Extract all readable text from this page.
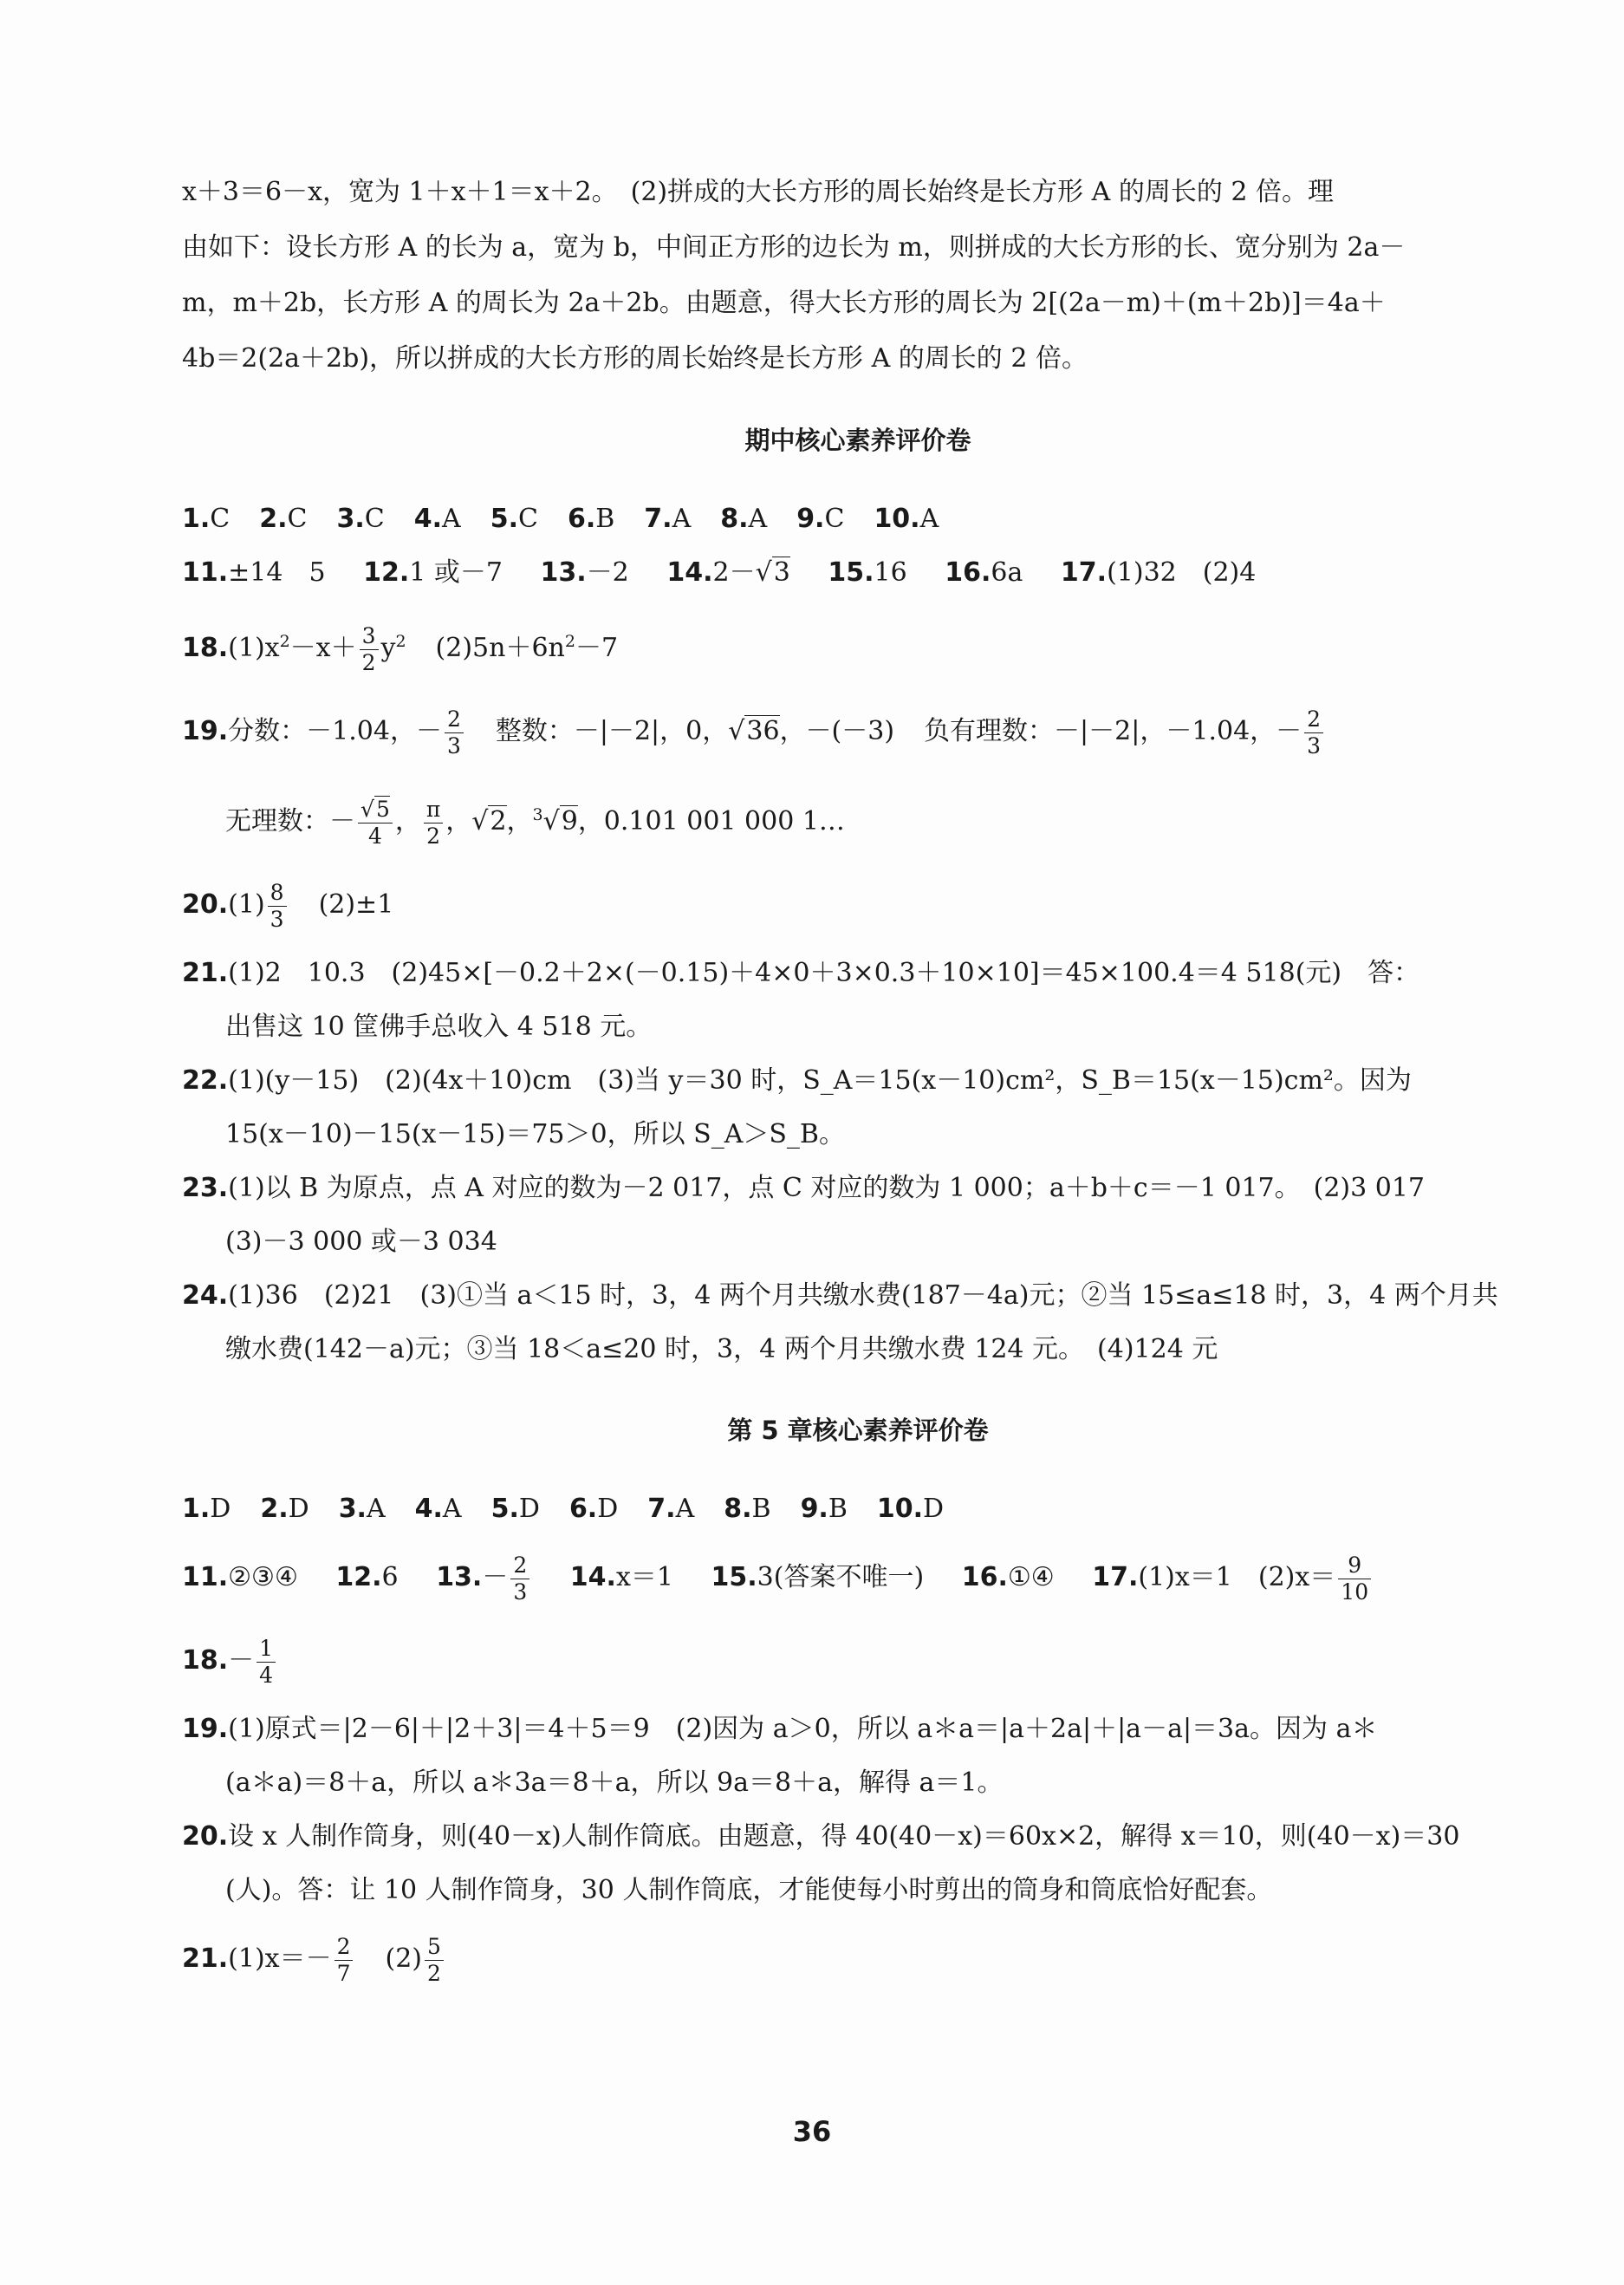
x＋3＝6－x，宽为 1＋x＋1＝x＋2。　(2)拼成的大长方形的周长始终是长方形 A 的周长的 2 倍。理

由如下：设长方形 A 的长为 a，宽为 b，中间正方形的边长为 m，则拼成的大长方形的长、宽分别为 2a－

m，m＋2b，长方形 A 的周长为 2a＋2b。由题意，得大长方形的周长为 2[(2a－m)＋(m＋2b)]＝4a＋

4b＝2(2a＋2b)，所以拼成的大长方形的周长始终是长方形 A 的周长的 2 倍。

期中核心素养评价卷

1.C 2.C 3.C 4.A 5.C 6.B 7.A 8.A 9.C 10.A

11.±14　5 12.1 或－7 13.－2 14.2－√3 15.16 16.6a 17.(1)32　(2)4

$18.(1)x^2-x+ \frac{3}{2} y^2$ $(2)5n+6n^2-7$

19.分数：－1.04，－ $\frac{2}{3}$ 整数：－|－2|，0，√36，－(－3) 负有理数：－|－2|，－1.04，－ $\frac{2}{3}$

无理数：－ $\frac{√5}{4}$ ， $\frac{\pi}{2}$ ，√2，$^3$√9，0.101 001 000 1…

$20.(1) \frac{8}{3} (2)\pm 1$

21.(1)2　10.3　(2)45×[－0.2＋2×(－0.15)＋4×0＋3×0.3＋10×10]＝45×100.4＝4 518(元)　答：

出售这 10 筐佛手总收入 4 518 元。

22.(1)(y－15)　(2)(4x＋10)cm　(3)当 y＝30 时，S_A＝15(x－10)cm²，S_B＝15(x－15)cm²。因为

15(x－10)－15(x－15)＝75＞0，所以 S_A＞S_B。

23.(1)以 B 为原点，点 A 对应的数为－2 017，点 C 对应的数为 1 000；a＋b＋c＝－1 017。　(2)3 017

(3)－3 000 或－3 034

24.(1)36　(2)21　(3)①当 a＜15 时，3，4 两个月共缴水费(187－4a)元；②当 15≤a≤18 时，3，4 两个月共

缴水费(142－a)元；③当 18＜a≤20 时，3，4 两个月共缴水费 124 元。　(4)124 元

第 5 章核心素养评价卷

1.D 2.D 3.A 4.A 5.D 6.D 7.A 8.B 9.B 10.D

11.②③④ 12.6 $13.- \frac{2}{3} 14.x=1$ 15.3(答案不唯一) 16.①④ 17.(1)x＝1　$(2)x= \frac{9}{10}$

$18.- \frac{1}{4}$

19.(1)原式＝|2－6|＋|2＋3|＝4＋5＝9　(2)因为 a＞0，所以 a＊a＝|a＋2a|＋|a－a|＝3a。因为 a＊

(a＊a)＝8＋a，所以 a＊3a＝8＋a，所以 9a＝8＋a，解得 a＝1。

20.设 x 人制作筒身，则(40－x)人制作筒底。由题意，得 40(40－x)＝60x×2，解得 x＝10，则(40－x)＝30

(人)。答：让 10 人制作筒身，30 人制作筒底，才能使每小时剪出的筒身和筒底恰好配套。

$21.(1)x=- \frac{2}{7} (2) \frac{5}{2}$

36
